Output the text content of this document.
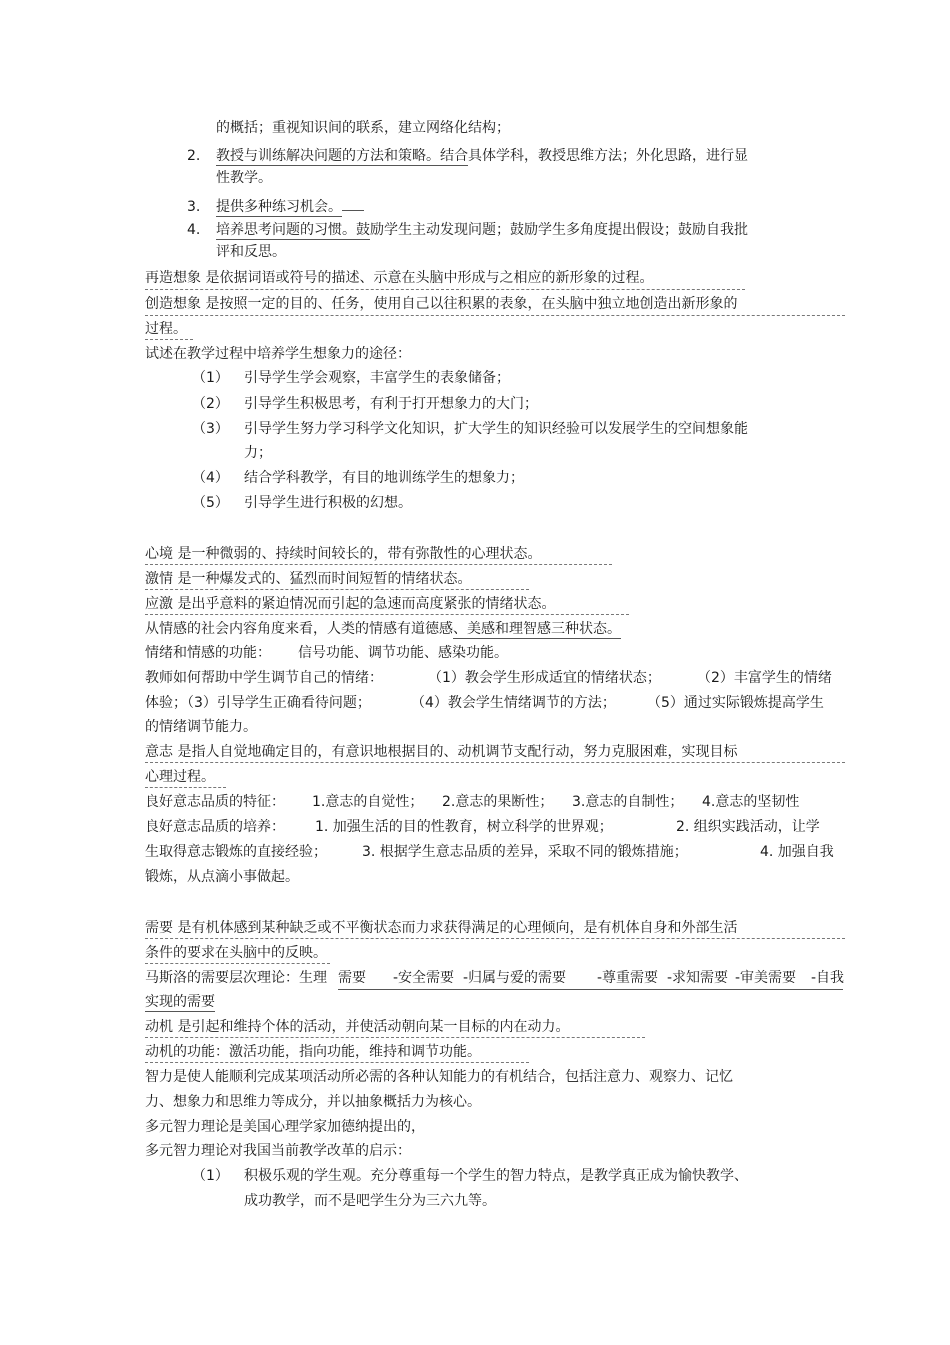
的概括；重视知识间的联系，建立网络化结构；
2. 教授与训练解决问题的方法和策略。结合具体学科，教授思维方法；外化思路，进行显
性教学。
3. 提供多种练习机会。
4. 培养思考问题的习惯。鼓励学生主动发现问题；鼓励学生多角度提出假设；鼓励自我批
评和反思。
再造想象 是依据词语或符号的描述、示意在头脑中形成与之相应的新形象的过程。
创造想象 是按照一定的目的、任务，使用自己以往积累的表象，在头脑中独立地创造出新形象的
过程。
试述在教学过程中培养学生想象力的途径：
（1） 引导学生学会观察，丰富学生的表象储备；
（2） 引导学生积极思考，有利于打开想象力的大门；
（3） 引导学生努力学习科学文化知识，扩大学生的知识经验可以发展学生的空间想象能
力；
（4） 结合学科教学，有目的地训练学生的想象力；
（5） 引导学生进行积极的幻想。
心境 是一种微弱的、持续时间较长的，带有弥散性的心理状态。
激情 是一种爆发式的、猛烈而时间短暂的情绪状态。
应激 是出乎意料的紧迫情况而引起的急速而高度紧张的情绪状态。
从情感的社会内容角度来看，人类的情感有道德感、美感和理智感三种状态。
情绪和情感的功能： 信号功能、调节功能、感染功能。
教师如何帮助中学生调节自己的情绪：	（1）教会学生形成适宜的情绪状态；	（2）丰富学生的情绪
体验；（3）引导学生正确看待问题；	（4）教会学生情绪调节的方法； （5）通过实际锻炼提高学生
的情绪调节能力。
意志 是指人自觉地确定目的，有意识地根据目的、动机调节支配行动，努力克服困难，实现目标
心理过程。
良好意志品质的特征： 1.意志的自觉性； 2.意志的果断性； 3.意志的自制性； 4.意志的坚韧性
良好意志品质的培养： 1. 加强生活的目的性教育，树立科学的世界观；	2. 组织实践活动，让学
生取得意志锻炼的直接经验；	3. 根据学生意志品质的差异，采取不同的锻炼措施；	4. 加强自我
锻炼，从点滴小事做起。
需要 是有机体感到某种缺乏或不平衡状态而力求获得满足的心理倾向，是有机体自身和外部生活
条件的要求在头脑中的反映。
马斯洛的需要层次理论：生理 需要 -安全需要 -归属与爱的需要 -尊重需要 -求知需要 -审美需要 -自我
实现的需要
动机 是引起和维持个体的活动，并使活动朝向某一目标的内在动力。
动机的功能：激活功能，指向功能，维持和调节功能。
智力是使人能顺利完成某项活动所必需的各种认知能力的有机结合，包括注意力、观察力、记忆
力、想象力和思维力等成分，并以抽象概括力为核心。
多元智力理论是美国心理学家加德纳提出的，
多元智力理论对我国当前教学改革的启示：
（1） 积极乐观的学生观。充分尊重每一个学生的智力特点，是教学真正成为愉快教学、
成功教学，而不是吧学生分为三六九等。
